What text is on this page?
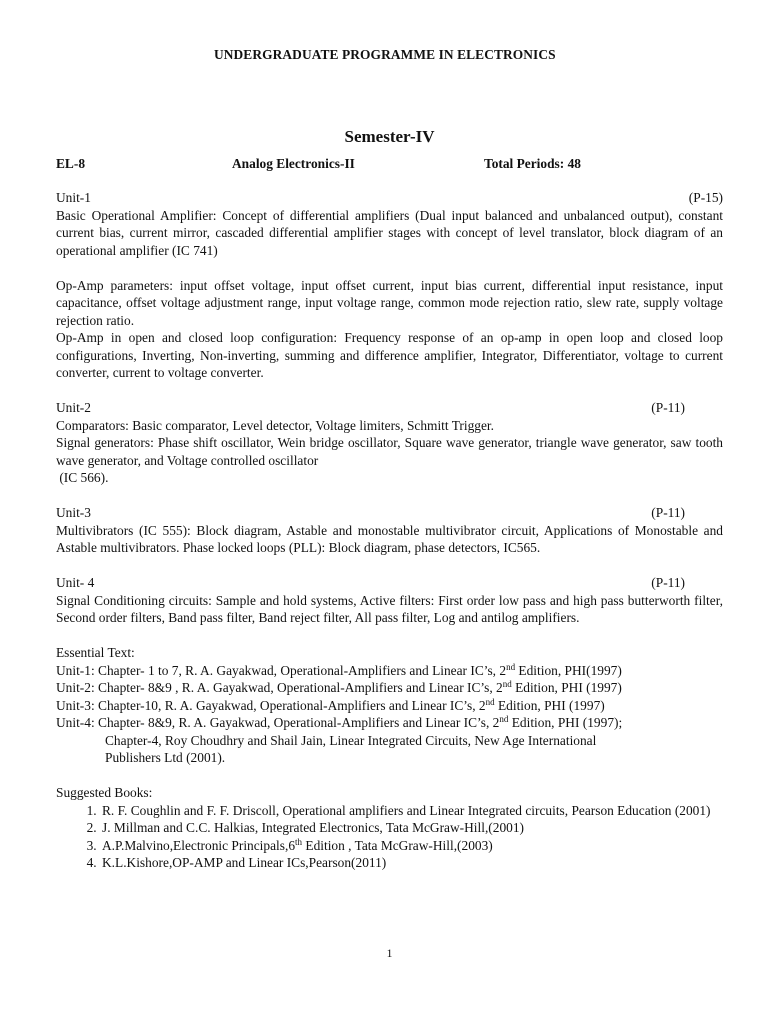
UNDERGRADUATE PROGRAMME IN ELECTRONICS
Semester-IV
EL-8	Analog Electronics-II	Total Periods: 48
Unit-1	(P-15)

Basic Operational Amplifier: Concept of differential amplifiers (Dual input balanced and unbalanced output), constant current bias, current mirror, cascaded differential amplifier stages with concept of level translator, block diagram of an operational amplifier (IC 741)

Op-Amp parameters: input offset voltage, input offset current, input bias current, differential input resistance, input capacitance, offset voltage adjustment range, input voltage range, common mode rejection ratio, slew rate, supply voltage rejection ratio.

Op-Amp in open and closed loop configuration: Frequency response of an op-amp in open loop and closed loop configurations, Inverting, Non-inverting, summing and difference amplifier, Integrator, Differentiator, voltage to current converter, current to voltage converter.

Unit-2	(P-11)

Comparators: Basic comparator, Level detector, Voltage limiters, Schmitt Trigger.

Signal generators: Phase shift oscillator, Wein bridge oscillator, Square wave generator, triangle wave generator, saw tooth wave generator, and Voltage controlled oscillator

(IC 566).

Unit-3	(P-11)

Multivibrators (IC 555): Block diagram, Astable and monostable multivibrator circuit, Applications of Monostable and Astable multivibrators. Phase locked loops (PLL): Block diagram, phase detectors, IC565.

Unit- 4	(P-11)

Signal Conditioning circuits: Sample and hold systems, Active filters: First order low pass and high pass butterworth filter, Second order filters, Band pass filter, Band reject filter, All pass filter, Log and antilog amplifiers.

Essential Text:
Unit-1: Chapter- 1 to 7, R. A. Gayakwad, Operational-Amplifiers and Linear IC’s, 2nd Edition, PHI(1997)
Unit-2: Chapter- 8&9 , R. A. Gayakwad, Operational-Amplifiers and Linear IC’s, 2nd Edition, PHI (1997)
Unit-3: Chapter-10, R. A. Gayakwad, Operational-Amplifiers and Linear IC’s, 2nd Edition, PHI (1997)
Unit-4: Chapter- 8&9, R. A. Gayakwad, Operational-Amplifiers and Linear IC’s, 2nd Edition, PHI (1997);
Chapter-4, Roy Choudhry and Shail Jain, Linear Integrated Circuits, New Age International
Publishers Ltd (2001).
Suggested Books:
1. R. F. Coughlin and F. F. Driscoll, Operational amplifiers and Linear Integrated circuits, Pearson Education (2001)
2. J. Millman and C.C. Halkias, Integrated Electronics, Tata McGraw-Hill,(2001)
3. A.P.Malvino,Electronic Principals,6th Edition , Tata McGraw-Hill,(2003)
4. K.L.Kishore,OP-AMP and Linear ICs,Pearson(2011)
1
